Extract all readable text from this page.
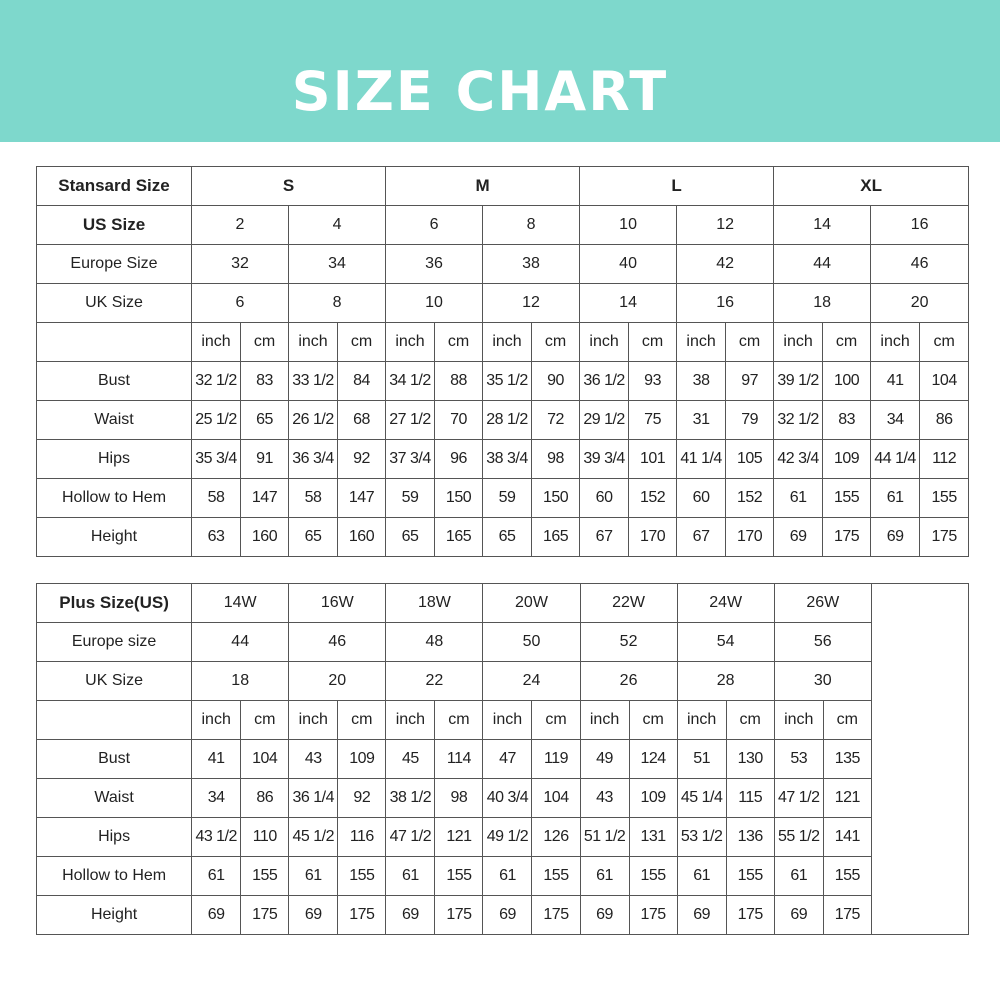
SIZE CHART
Stansard Size	S				M				L				XL			
US Size	2		4		6		8		10		12		14		16	
Europe Size	32		34		36		38		40		42		44		46	
UK Size	6		8		10		12		14		16		18		20	
	inch	cm	inch	cm	inch	cm	inch	cm	inch	cm	inch	cm	inch	cm	inch	cm
Bust	32 1/2	83	33 1/2	84	34 1/2	88	35 1/2	90	36 1/2	93	38	97	39 1/2	100	41	104
Waist	25 1/2	65	26 1/2	68	27 1/2	70	28 1/2	72	29 1/2	75	31	79	32 1/2	83	34	86
Hips	35 3/4	91	36 3/4	92	37 3/4	96	38 3/4	98	39 3/4	101	41 1/4	105	42 3/4	109	44 1/4	112
Hollow to Hem	58	147	58	147	59	150	59	150	60	152	60	152	61	155	61	155
Height	63	160	65	160	65	165	65	165	67	170	67	170	69	175	69	175
Plus Size(US)	14W		16W		18W		20W		22W		24W		26W		
Europe size	44		46		48		50		52		54		56		
UK Size	18		20		22		24		26		28		30		
	inch	cm	inch	cm	inch	cm	inch	cm	inch	cm	inch	cm	inch	cm	
Bust	41	104	43	109	45	114	47	119	49	124	51	130	53	135	
Waist	34	86	36 1/4	92	38 1/2	98	40 3/4	104	43	109	45 1/4	115	47 1/2	121	
Hips	43 1/2	110	45 1/2	116	47 1/2	121	49 1/2	126	51 1/2	131	53 1/2	136	55 1/2	141	
Hollow to Hem	61	155	61	155	61	155	61	155	61	155	61	155	61	155	
Height	69	175	69	175	69	175	69	175	69	175	69	175	69	175	
